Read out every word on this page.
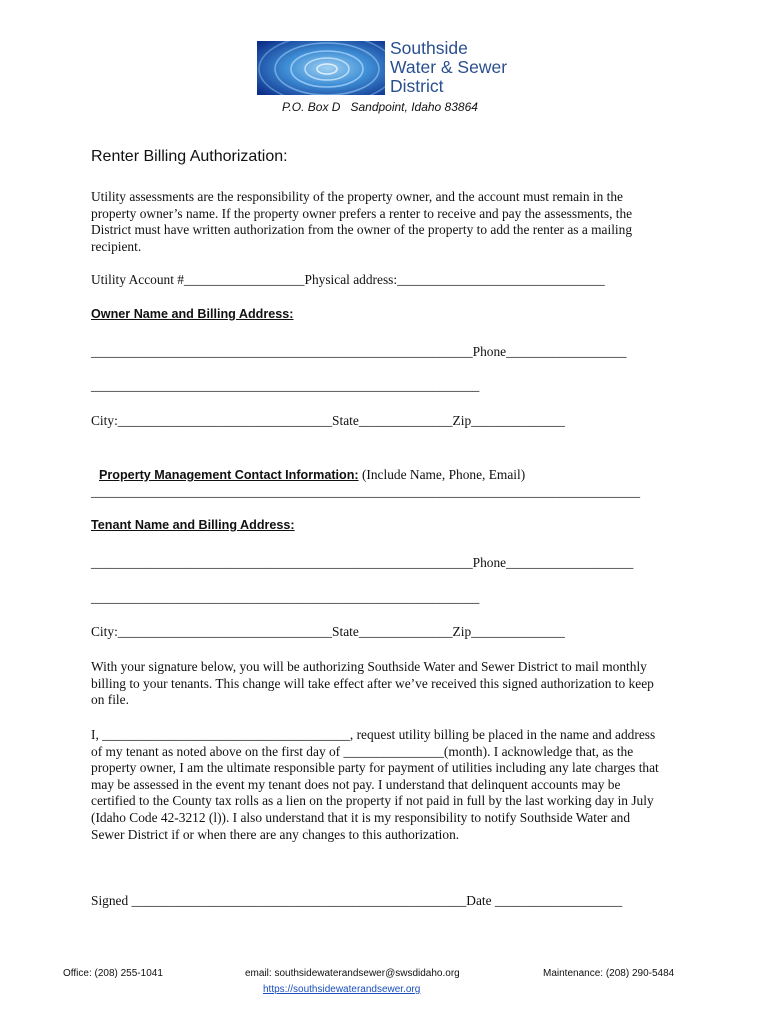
Southside
Water & Sewer
District
P.O. Box D   Sandpoint, Idaho 83864
Renter Billing Authorization:
Utility assessments are the responsibility of the property owner, and the account must remain in the property owner’s name. If the property owner prefers a renter to receive and pay the assessments, the District must have written authorization from the owner of the property to add the renter as a mailing recipient.
Utility Account #__________________Physical address:_______________________________
Owner Name and Billing Address:
_________________________________________________________Phone__________________
__________________________________________________________
City:________________________________State______________Zip______________

Property Management Contact Information: (Include Name, Phone, Email)

__________________________________________________________________________________
Tenant Name and Billing Address:
_________________________________________________________Phone___________________
__________________________________________________________
City:________________________________State______________Zip______________
With your signature below, you will be authorizing Southside Water and Sewer District to mail monthly billing to your tenants. This change will take effect after we’ve received this signed authorization to keep on file.
I, _____________________________________, request utility billing be placed in the name and address of my tenant as noted above on the first day of _______________(month). I acknowledge that, as the property owner, I am the ultimate responsible party for payment of utilities including any late charges that may be assessed in the event my tenant does not pay. I understand that delinquent accounts may be certified to the County tax rolls as a lien on the property if not paid in full by the last working day in July (Idaho Code 42-3212 (l)). I also understand that it is my responsibility to notify Southside Water and Sewer District if or when there are any changes to this authorization.
Signed __________________________________________________Date ___________________
Office: (208) 255-1041	email: southsidewaterandsewer@swsdidaho.org
https://southsidewaterandsewer.org
Maintenance: (208) 290-5484
